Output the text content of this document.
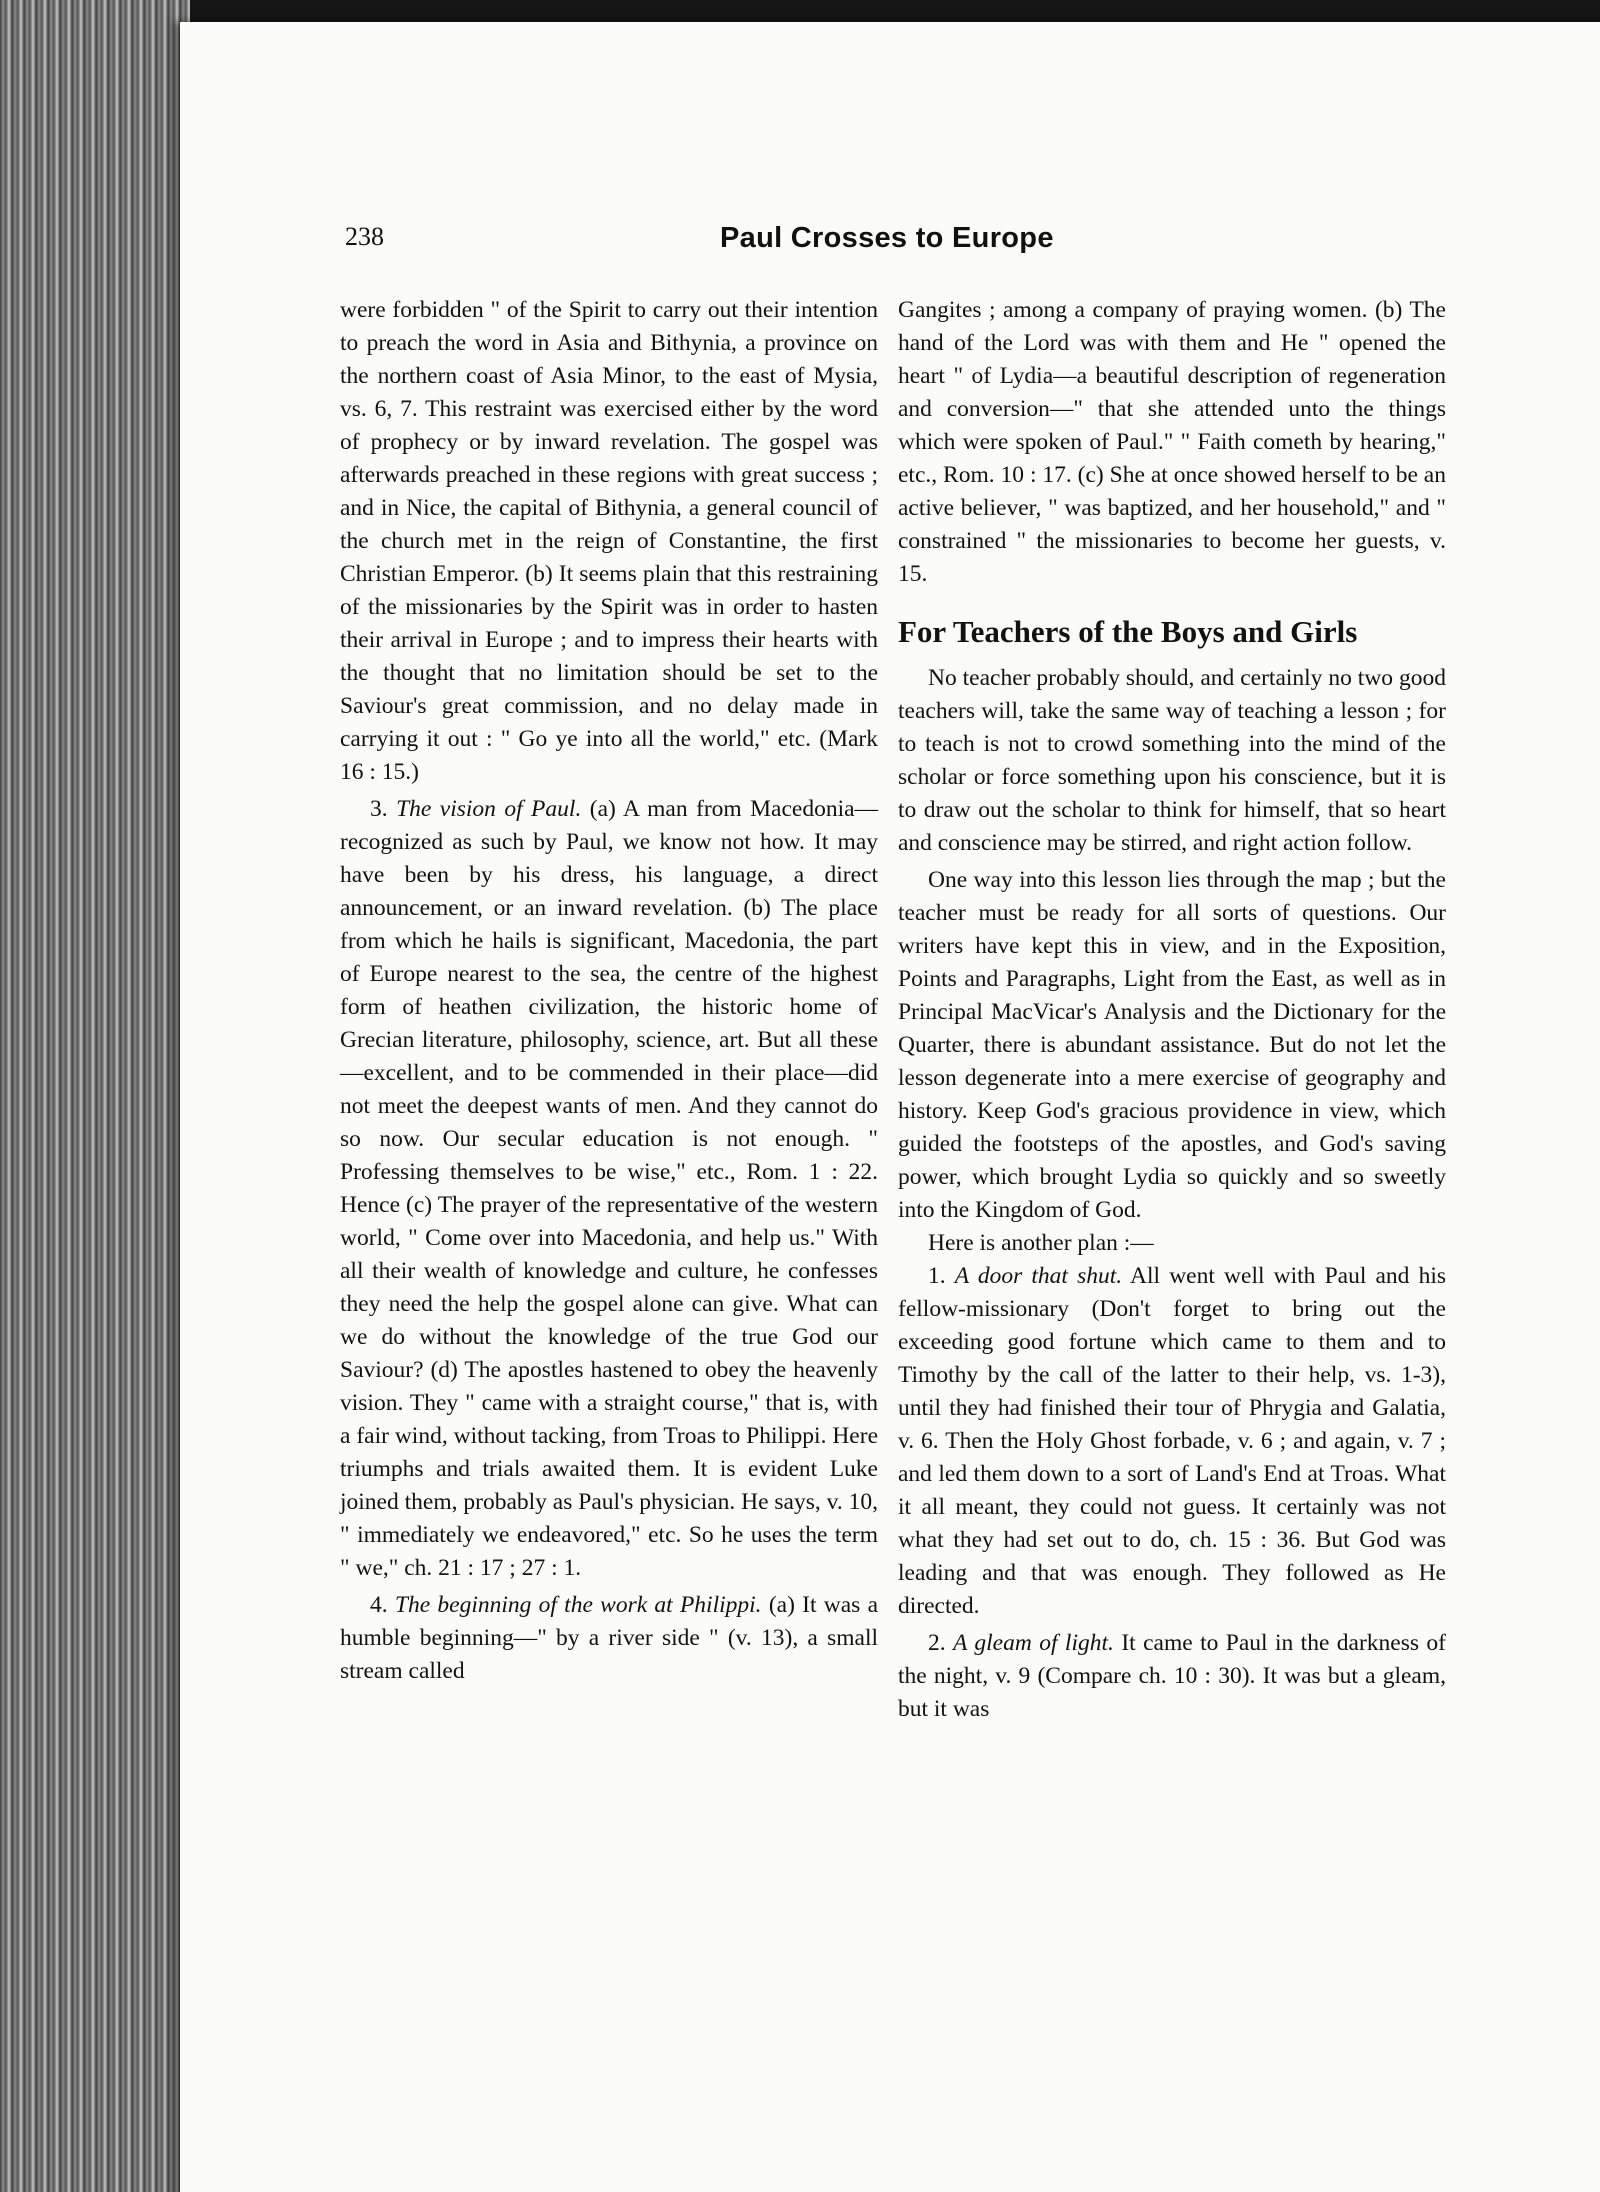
238	Paul Crosses to Europe

were forbidden " of the Spirit to carry out their intention to preach the word in Asia and Bithynia, a province on the northern coast of Asia Minor, to the east of Mysia, vs. 6, 7. This restraint was exercised either by the word of prophecy or by inward revelation. The gospel was afterwards preached in these regions with great success ; and in Nice, the capital of Bithynia, a general council of the church met in the reign of Constantine, the first Christian Emperor. (b) It seems plain that this restraining of the missionaries by the Spirit was in order to hasten their arrival in Europe ; and to impress their hearts with the thought that no limitation should be set to the Saviour's great commission, and no delay made in carrying it out : " Go ye into all the world," etc. (Mark 16 : 15.)

3. The vision of Paul. (a) A man from Macedonia—recognized as such by Paul, we know not how. It may have been by his dress, his language, a direct announcement, or an inward revelation. (b) The place from which he hails is significant, Macedonia, the part of Europe nearest to the sea, the centre of the highest form of heathen civilization, the historic home of Grecian literature, philosophy, science, art. But all these—excellent, and to be commended in their place—did not meet the deepest wants of men. And they cannot do so now. Our secular education is not enough. " Professing themselves to be wise," etc., Rom. 1 : 22. Hence (c) The prayer of the representative of the western world, " Come over into Macedonia, and help us." With all their wealth of knowledge and culture, he confesses they need the help the gospel alone can give. What can we do without the knowledge of the true God our Saviour? (d) The apostles hastened to obey the heavenly vision. They " came with a straight course," that is, with a fair wind, without tacking, from Troas to Philippi. Here triumphs and trials awaited them. It is evident Luke joined them, probably as Paul's physician. He says, v. 10, " immediately we endeavored," etc. So he uses the term " we," ch. 21 : 17 ; 27 : 1.

4. The beginning of the work at Philippi. (a) It was a humble beginning—" by a river side " (v. 13), a small stream called

Gangites ; among a company of praying women. (b) The hand of the Lord was with them and He " opened the heart " of Lydia—a beautiful description of regeneration and conversion—" that she attended unto the things which were spoken of Paul." " Faith cometh by hearing," etc., Rom. 10 : 17. (c) She at once showed herself to be an active believer, " was baptized, and her household," and " constrained " the missionaries to become her guests, v. 15.

For Teachers of the Boys and Girls

No teacher probably should, and certainly no two good teachers will, take the same way of teaching a lesson ; for to teach is not to crowd something into the mind of the scholar or force something upon his conscience, but it is to draw out the scholar to think for himself, that so heart and conscience may be stirred, and right action follow.

One way into this lesson lies through the map ; but the teacher must be ready for all sorts of questions. Our writers have kept this in view, and in the Exposition, Points and Paragraphs, Light from the East, as well as in Principal MacVicar's Analysis and the Dictionary for the Quarter, there is abundant assistance. But do not let the lesson degenerate into a mere exercise of geography and history. Keep God's gracious providence in view, which guided the footsteps of the apostles, and God's saving power, which brought Lydia so quickly and so sweetly into the Kingdom of God.

Here is another plan :—

1. A door that shut. All went well with Paul and his fellow-missionary (Don't forget to bring out the exceeding good fortune which came to them and to Timothy by the call of the latter to their help, vs. 1-3), until they had finished their tour of Phrygia and Galatia, v. 6. Then the Holy Ghost forbade, v. 6 ; and again, v. 7 ; and led them down to a sort of Land's End at Troas. What it all meant, they could not guess. It certainly was not what they had set out to do, ch. 15 : 36. But God was leading and that was enough. They followed as He directed.

2. A gleam of light. It came to Paul in the darkness of the night, v. 9 (Compare ch. 10 : 30). It was but a gleam, but it was
